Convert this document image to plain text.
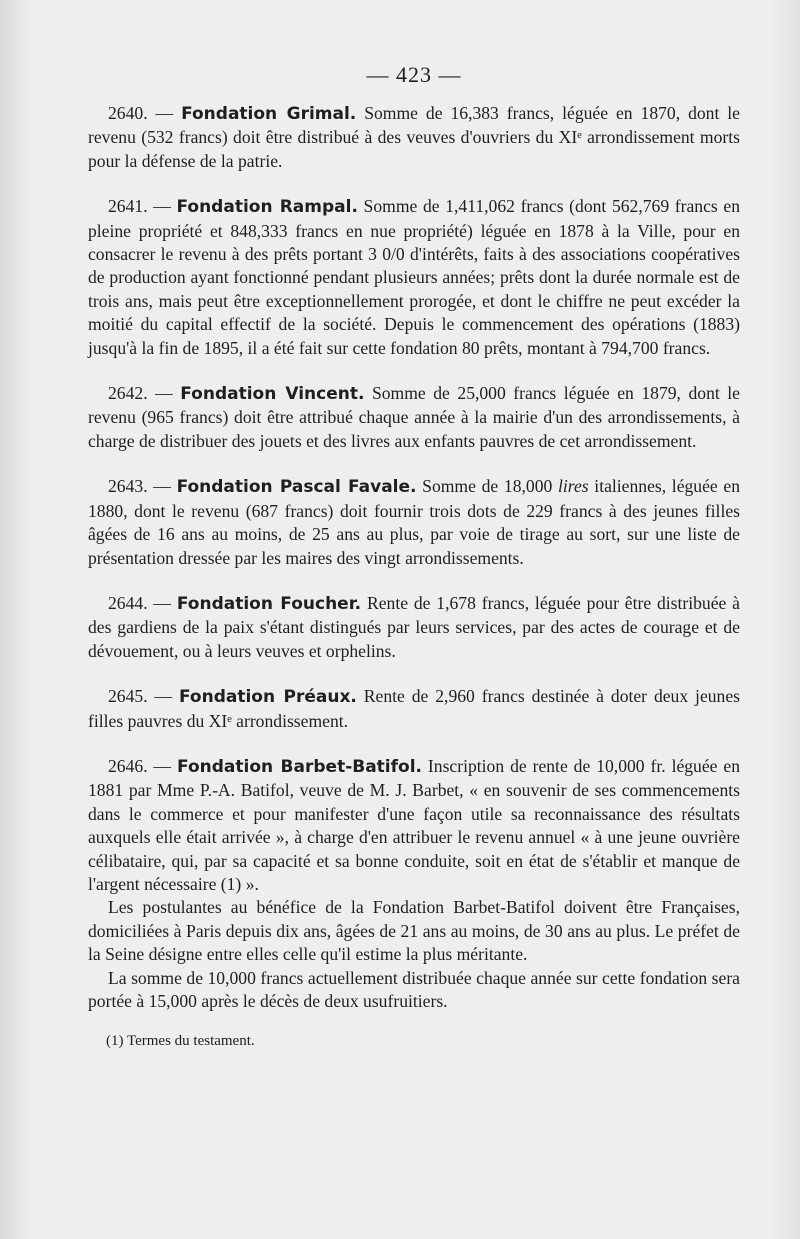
— 423 —

2640. — Fondation Grimal. Somme de 16,383 francs, léguée en 1870, dont le revenu (532 francs) doit être distribué à des veuves d'ouvriers du XIᵉ arrondissement morts pour la défense de la patrie.

2641. — Fondation Rampal. Somme de 1,411,062 francs (dont 562,769 francs en pleine propriété et 848,333 francs en nue propriété) léguée en 1878 à la Ville, pour en consacrer le revenu à des prêts portant 3 0/0 d'intérêts, faits à des associations coopératives de production ayant fonctionné pendant plusieurs années; prêts dont la durée normale est de trois ans, mais peut être exceptionnellement prorogée, et dont le chiffre ne peut excéder la moitié du capital effectif de la société. Depuis le commencement des opérations (1883) jusqu'à la fin de 1895, il a été fait sur cette fondation 80 prêts, montant à 794,700 francs.

2642. — Fondation Vincent. Somme de 25,000 francs léguée en 1879, dont le revenu (965 francs) doit être attribué chaque année à la mairie d'un des arrondissements, à charge de distribuer des jouets et des livres aux enfants pauvres de cet arrondissement.

2643. — Fondation Pascal Favale. Somme de 18,000 lires italiennes, léguée en 1880, dont le revenu (687 francs) doit fournir trois dots de 229 francs à des jeunes filles âgées de 16 ans au moins, de 25 ans au plus, par voie de tirage au sort, sur une liste de présentation dressée par les maires des vingt arrondissements.

2644. — Fondation Foucher. Rente de 1,678 francs, léguée pour être distribuée à des gardiens de la paix s'étant distingués par leurs services, par des actes de courage et de dévouement, ou à leurs veuves et orphelins.

2645. — Fondation Préaux. Rente de 2,960 francs destinée à doter deux jeunes filles pauvres du XIᵉ arrondissement.

2646. — Fondation Barbet-Batifol. Inscription de rente de 10,000 fr. léguée en 1881 par Mme P.-A. Batifol, veuve de M. J. Barbet, « en souvenir de ses commencements dans le commerce et pour manifester d'une façon utile sa reconnaissance des résultats auxquels elle était arrivée », à charge d'en attribuer le revenu annuel « à une jeune ouvrière célibataire, qui, par sa capacité et sa bonne conduite, soit en état de s'établir et manque de l'argent nécessaire (1) ».

Les postulantes au bénéfice de la Fondation Barbet-Batifol doivent être Françaises, domiciliées à Paris depuis dix ans, âgées de 21 ans au moins, de 30 ans au plus. Le préfet de la Seine désigne entre elles celle qu'il estime la plus méritante.

La somme de 10,000 francs actuellement distribuée chaque année sur cette fondation sera portée à 15,000 après le décès de deux usufruitiers.

(1) Termes du testament.
